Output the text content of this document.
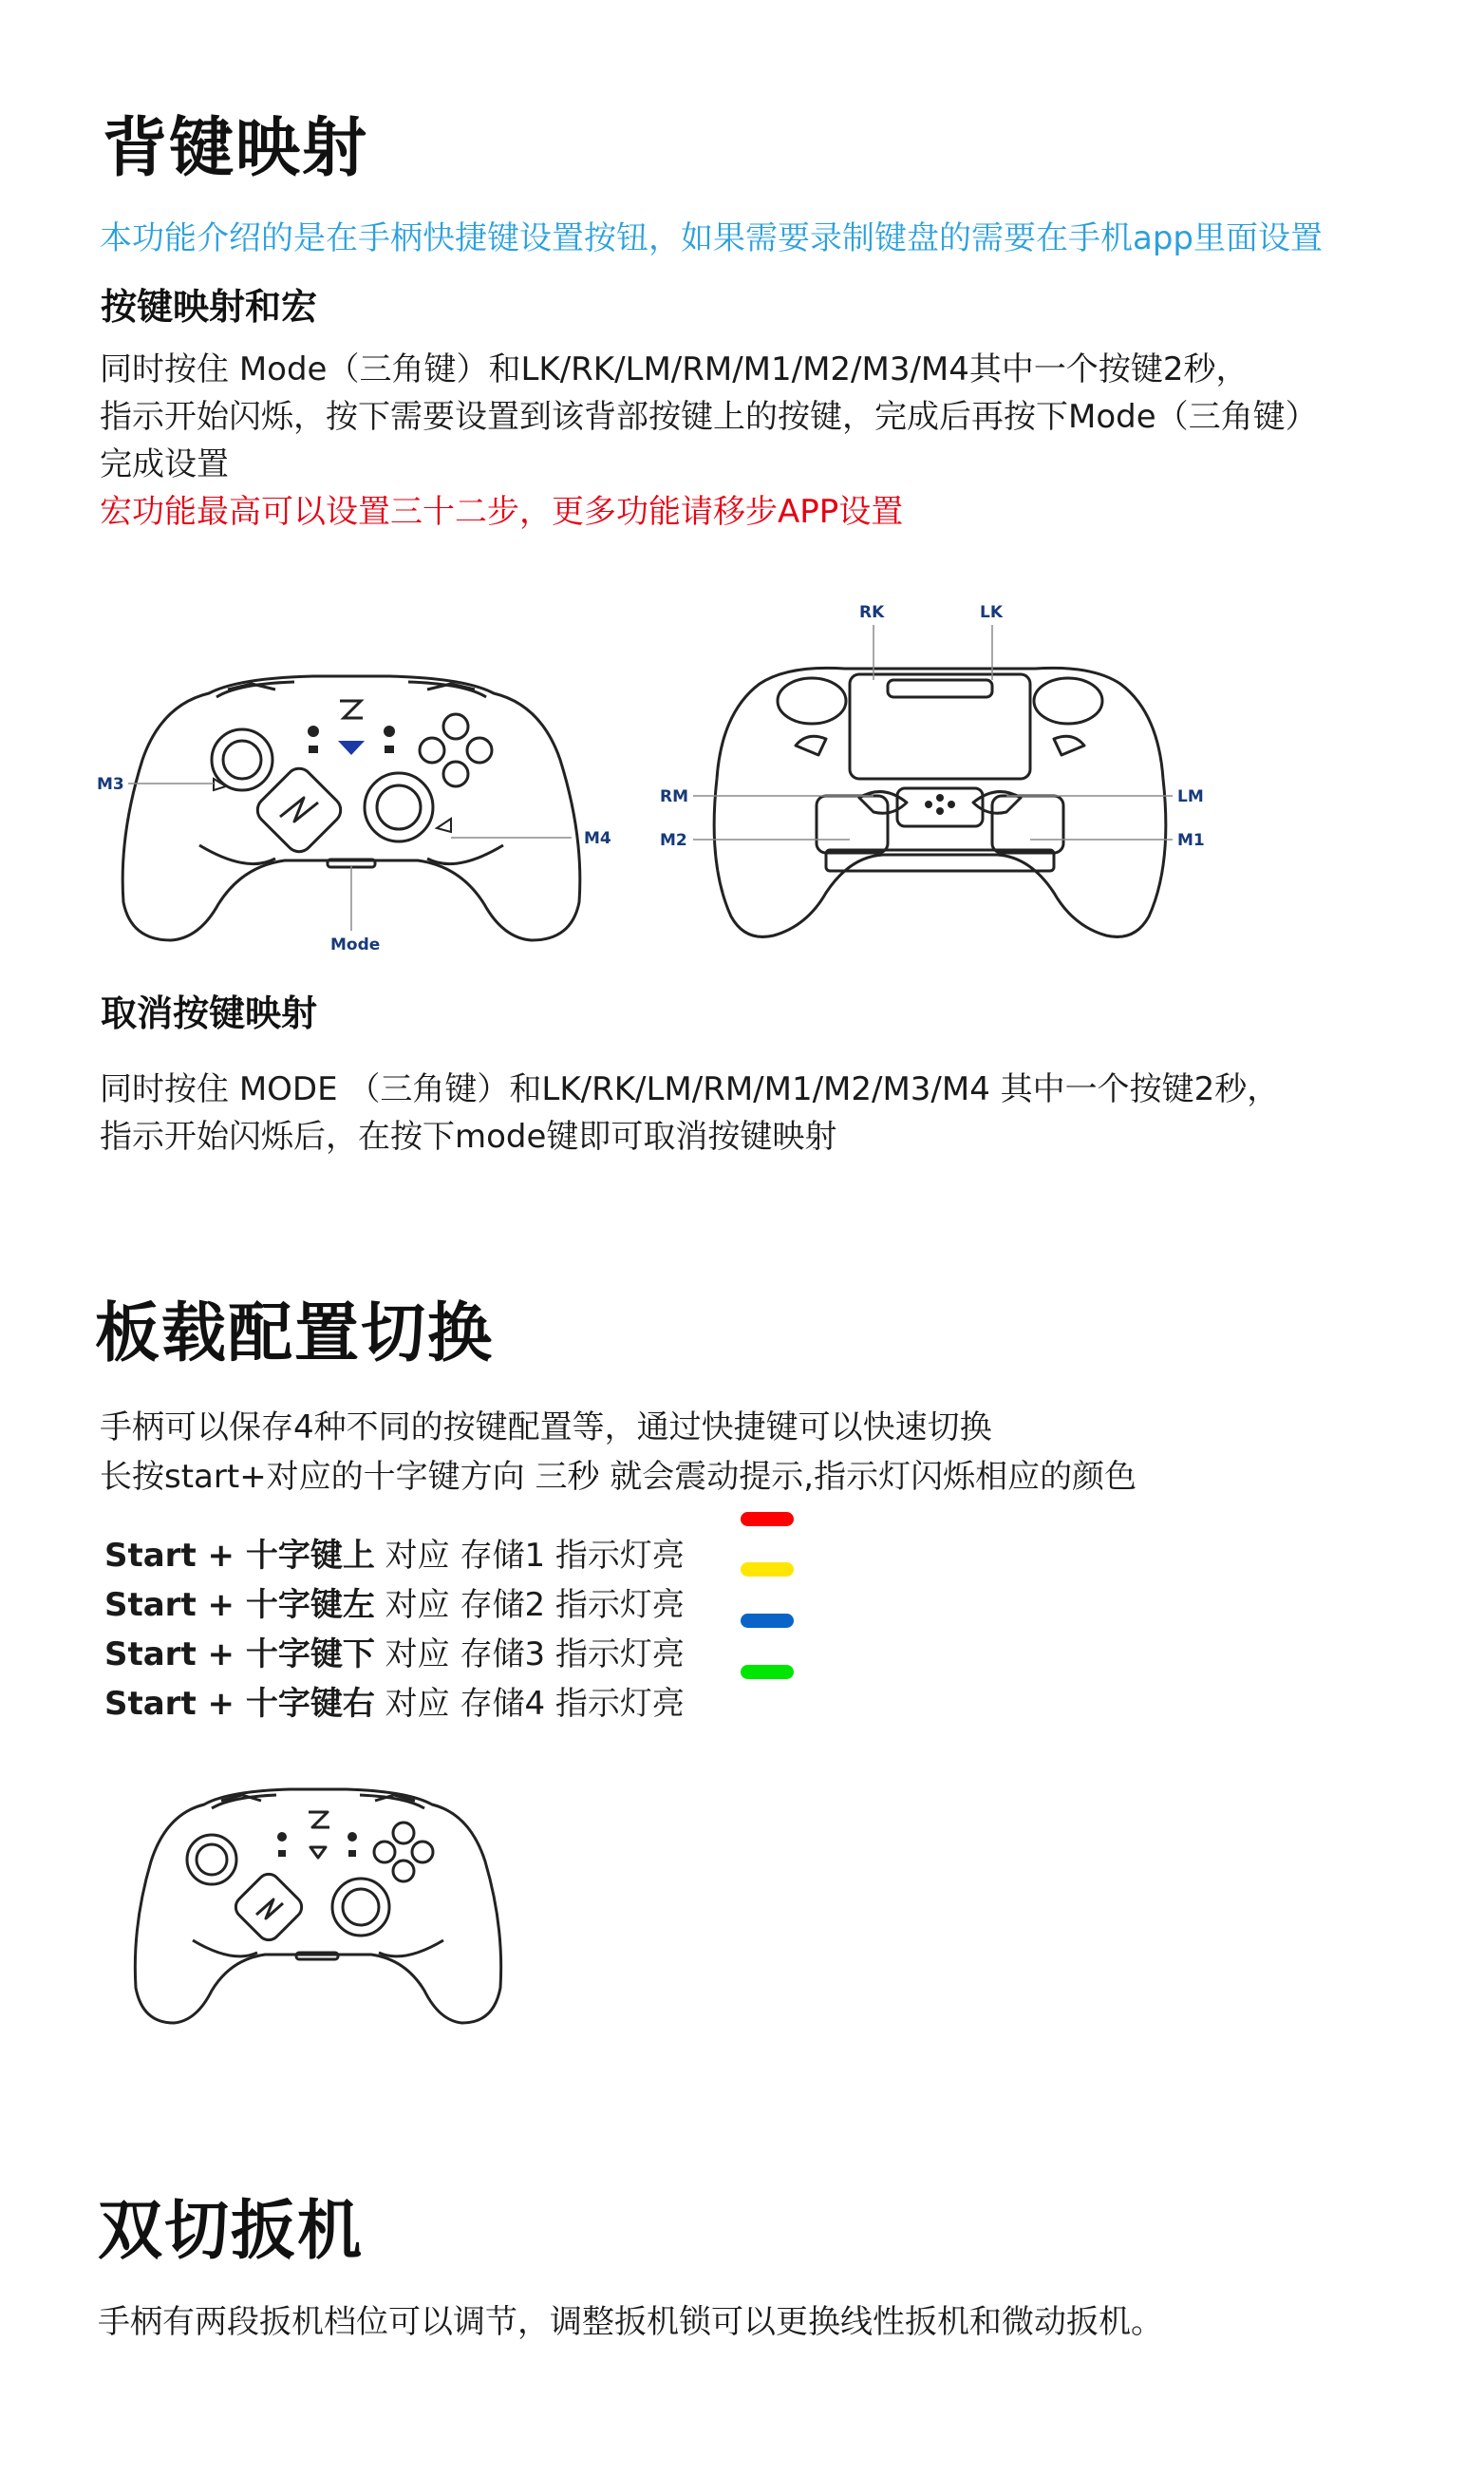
背键映射
本功能介绍的是在手柄快捷键设置按钮，如果需要录制键盘的需要在手机app里面设置
按键映射和宏
同时按住 Mode（三角键）和LK/RK/LM/RM/M1/M2/M3/M4其中一个按键2秒，
指示开始闪烁，按下需要设置到该背部按键上的按键，完成后再按下Mode（三角键）
完成设置
宏功能最高可以设置三十二步，更多功能请移步APP设置
M3
M4
Mode
RK	LK
RM	LM
M2	M1
取消按键映射
同时按住 MODE （三角键）和LK/RK/LM/RM/M1/M2/M3/M4 其中一个按键2秒，
指示开始闪烁后，在按下mode键即可取消按键映射
板载配置切换
手柄可以保存4种不同的按键配置等，通过快捷键可以快速切换
长按start+对应的十字键方向 三秒 就会震动提示,指示灯闪烁相应的颜色
Start + 十字键上 对应 存储1 指示灯亮
Start + 十字键左 对应 存储2 指示灯亮
Start + 十字键下 对应 存储3 指示灯亮
Start + 十字键右 对应 存储4 指示灯亮
双切扳机
手柄有两段扳机档位可以调节，调整扳机锁可以更换线性扳机和微动扳机。
